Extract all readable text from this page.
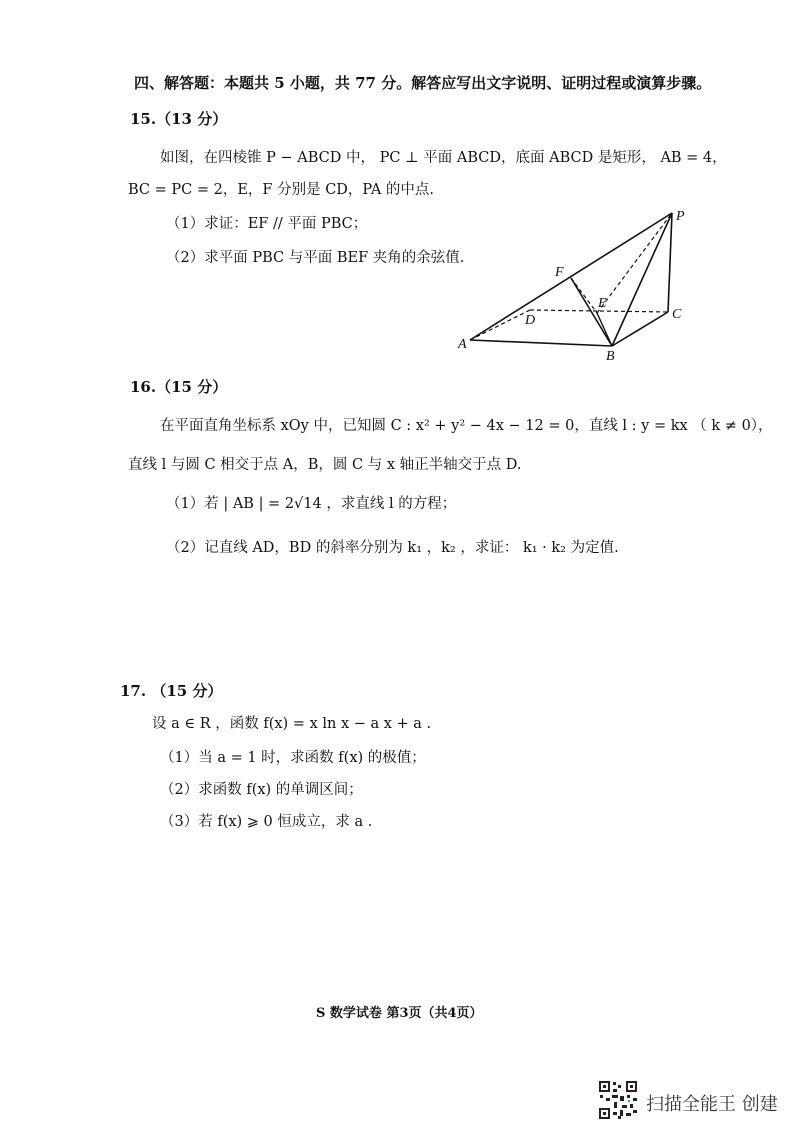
四、解答题：本题共 5 小题，共 77 分。解答应写出文字说明、证明过程或演算步骤。
15.（13 分）
如图，在四棱锥 P − ABCD 中， PC ⊥ 平面 ABCD，底面 ABCD 是矩形， AB = 4，
BC = PC = 2，E，F 分别是 CD，PA 的中点.
（1）求证：EF // 平面 PBC；
（2）求平面 PBC 与平面 BEF 夹角的余弦值.
P
F
E
D	C
A
B
16.（15 分）
在平面直角坐标系 xOy 中，已知圆 C : x² + y² − 4x − 12 = 0，直线 l : y = kx （ k ≠ 0），
直线 l 与圆 C 相交于点 A，B，圆 C 与 x 轴正半轴交于点 D.
（1）若 | AB | = 2√14 ，求直线 l 的方程；
（2）记直线 AD，BD 的斜率分别为 k₁ ，k₂ ，求证： k₁ · k₂ 为定值.
17. （15 分）
设 a ∈ R ，函数 f(x) = x ln x − a x + a .
（1）当 a = 1 时，求函数 f(x) 的极值；
（2）求函数 f(x) 的单调区间；
（3）若 f(x) ⩾ 0 恒成立，求 a .
S 数学试卷 第3页（共4页）
扫描全能王 创建
